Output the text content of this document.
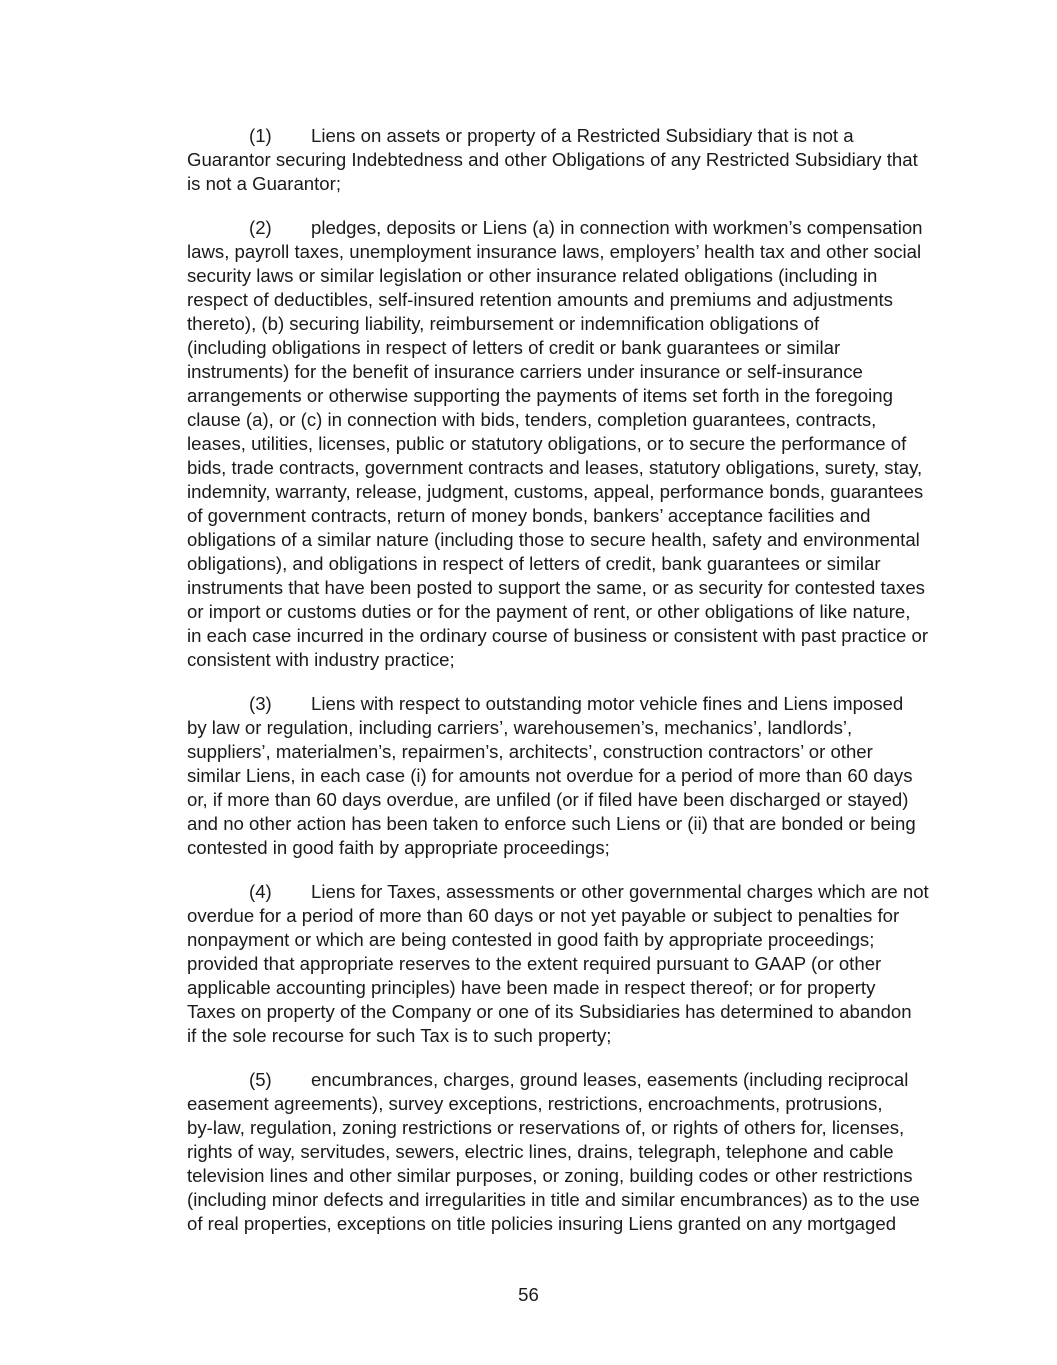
(1) Liens on assets or property of a Restricted Subsidiary that is not a
Guarantor securing Indebtedness and other Obligations of any Restricted Subsidiary that
is not a Guarantor;
(2) pledges, deposits or Liens (a) in connection with workmen’s compensation
laws, payroll taxes, unemployment insurance laws, employers’ health tax and other social
security laws or similar legislation or other insurance related obligations (including in
respect of deductibles, self-insured retention amounts and premiums and adjustments
thereto), (b) securing liability, reimbursement or indemnification obligations of
(including obligations in respect of letters of credit or bank guarantees or similar
instruments) for the benefit of insurance carriers under insurance or self-insurance
arrangements or otherwise supporting the payments of items set forth in the foregoing
clause (a), or (c) in connection with bids, tenders, completion guarantees, contracts,
leases, utilities, licenses, public or statutory obligations, or to secure the performance of
bids, trade contracts, government contracts and leases, statutory obligations, surety, stay,
indemnity, warranty, release, judgment, customs, appeal, performance bonds, guarantees
of government contracts, return of money bonds, bankers’ acceptance facilities and
obligations of a similar nature (including those to secure health, safety and environmental
obligations), and obligations in respect of letters of credit, bank guarantees or similar
instruments that have been posted to support the same, or as security for contested taxes
or import or customs duties or for the payment of rent, or other obligations of like nature,
in each case incurred in the ordinary course of business or consistent with past practice or
consistent with industry practice;
(3) Liens with respect to outstanding motor vehicle fines and Liens imposed
by law or regulation, including carriers’, warehousemen’s, mechanics’, landlords’,
suppliers’, materialmen’s, repairmen’s, architects’, construction contractors’ or other
similar Liens, in each case (i) for amounts not overdue for a period of more than 60 days
or, if more than 60 days overdue, are unfiled (or if filed have been discharged or stayed)
and no other action has been taken to enforce such Liens or (ii) that are bonded or being
contested in good faith by appropriate proceedings;
(4) Liens for Taxes, assessments or other governmental charges which are not
overdue for a period of more than 60 days or not yet payable or subject to penalties for
nonpayment or which are being contested in good faith by appropriate proceedings;
provided that appropriate reserves to the extent required pursuant to GAAP (or other
applicable accounting principles) have been made in respect thereof; or for property
Taxes on property of the Company or one of its Subsidiaries has determined to abandon
if the sole recourse for such Tax is to such property;
(5) encumbrances, charges, ground leases, easements (including reciprocal
easement agreements), survey exceptions, restrictions, encroachments, protrusions,
by-law, regulation, zoning restrictions or reservations of, or rights of others for, licenses,
rights of way, servitudes, sewers, electric lines, drains, telegraph, telephone and cable
television lines and other similar purposes, or zoning, building codes or other restrictions
(including minor defects and irregularities in title and similar encumbrances) as to the use
of real properties, exceptions on title policies insuring Liens granted on any mortgaged
56
